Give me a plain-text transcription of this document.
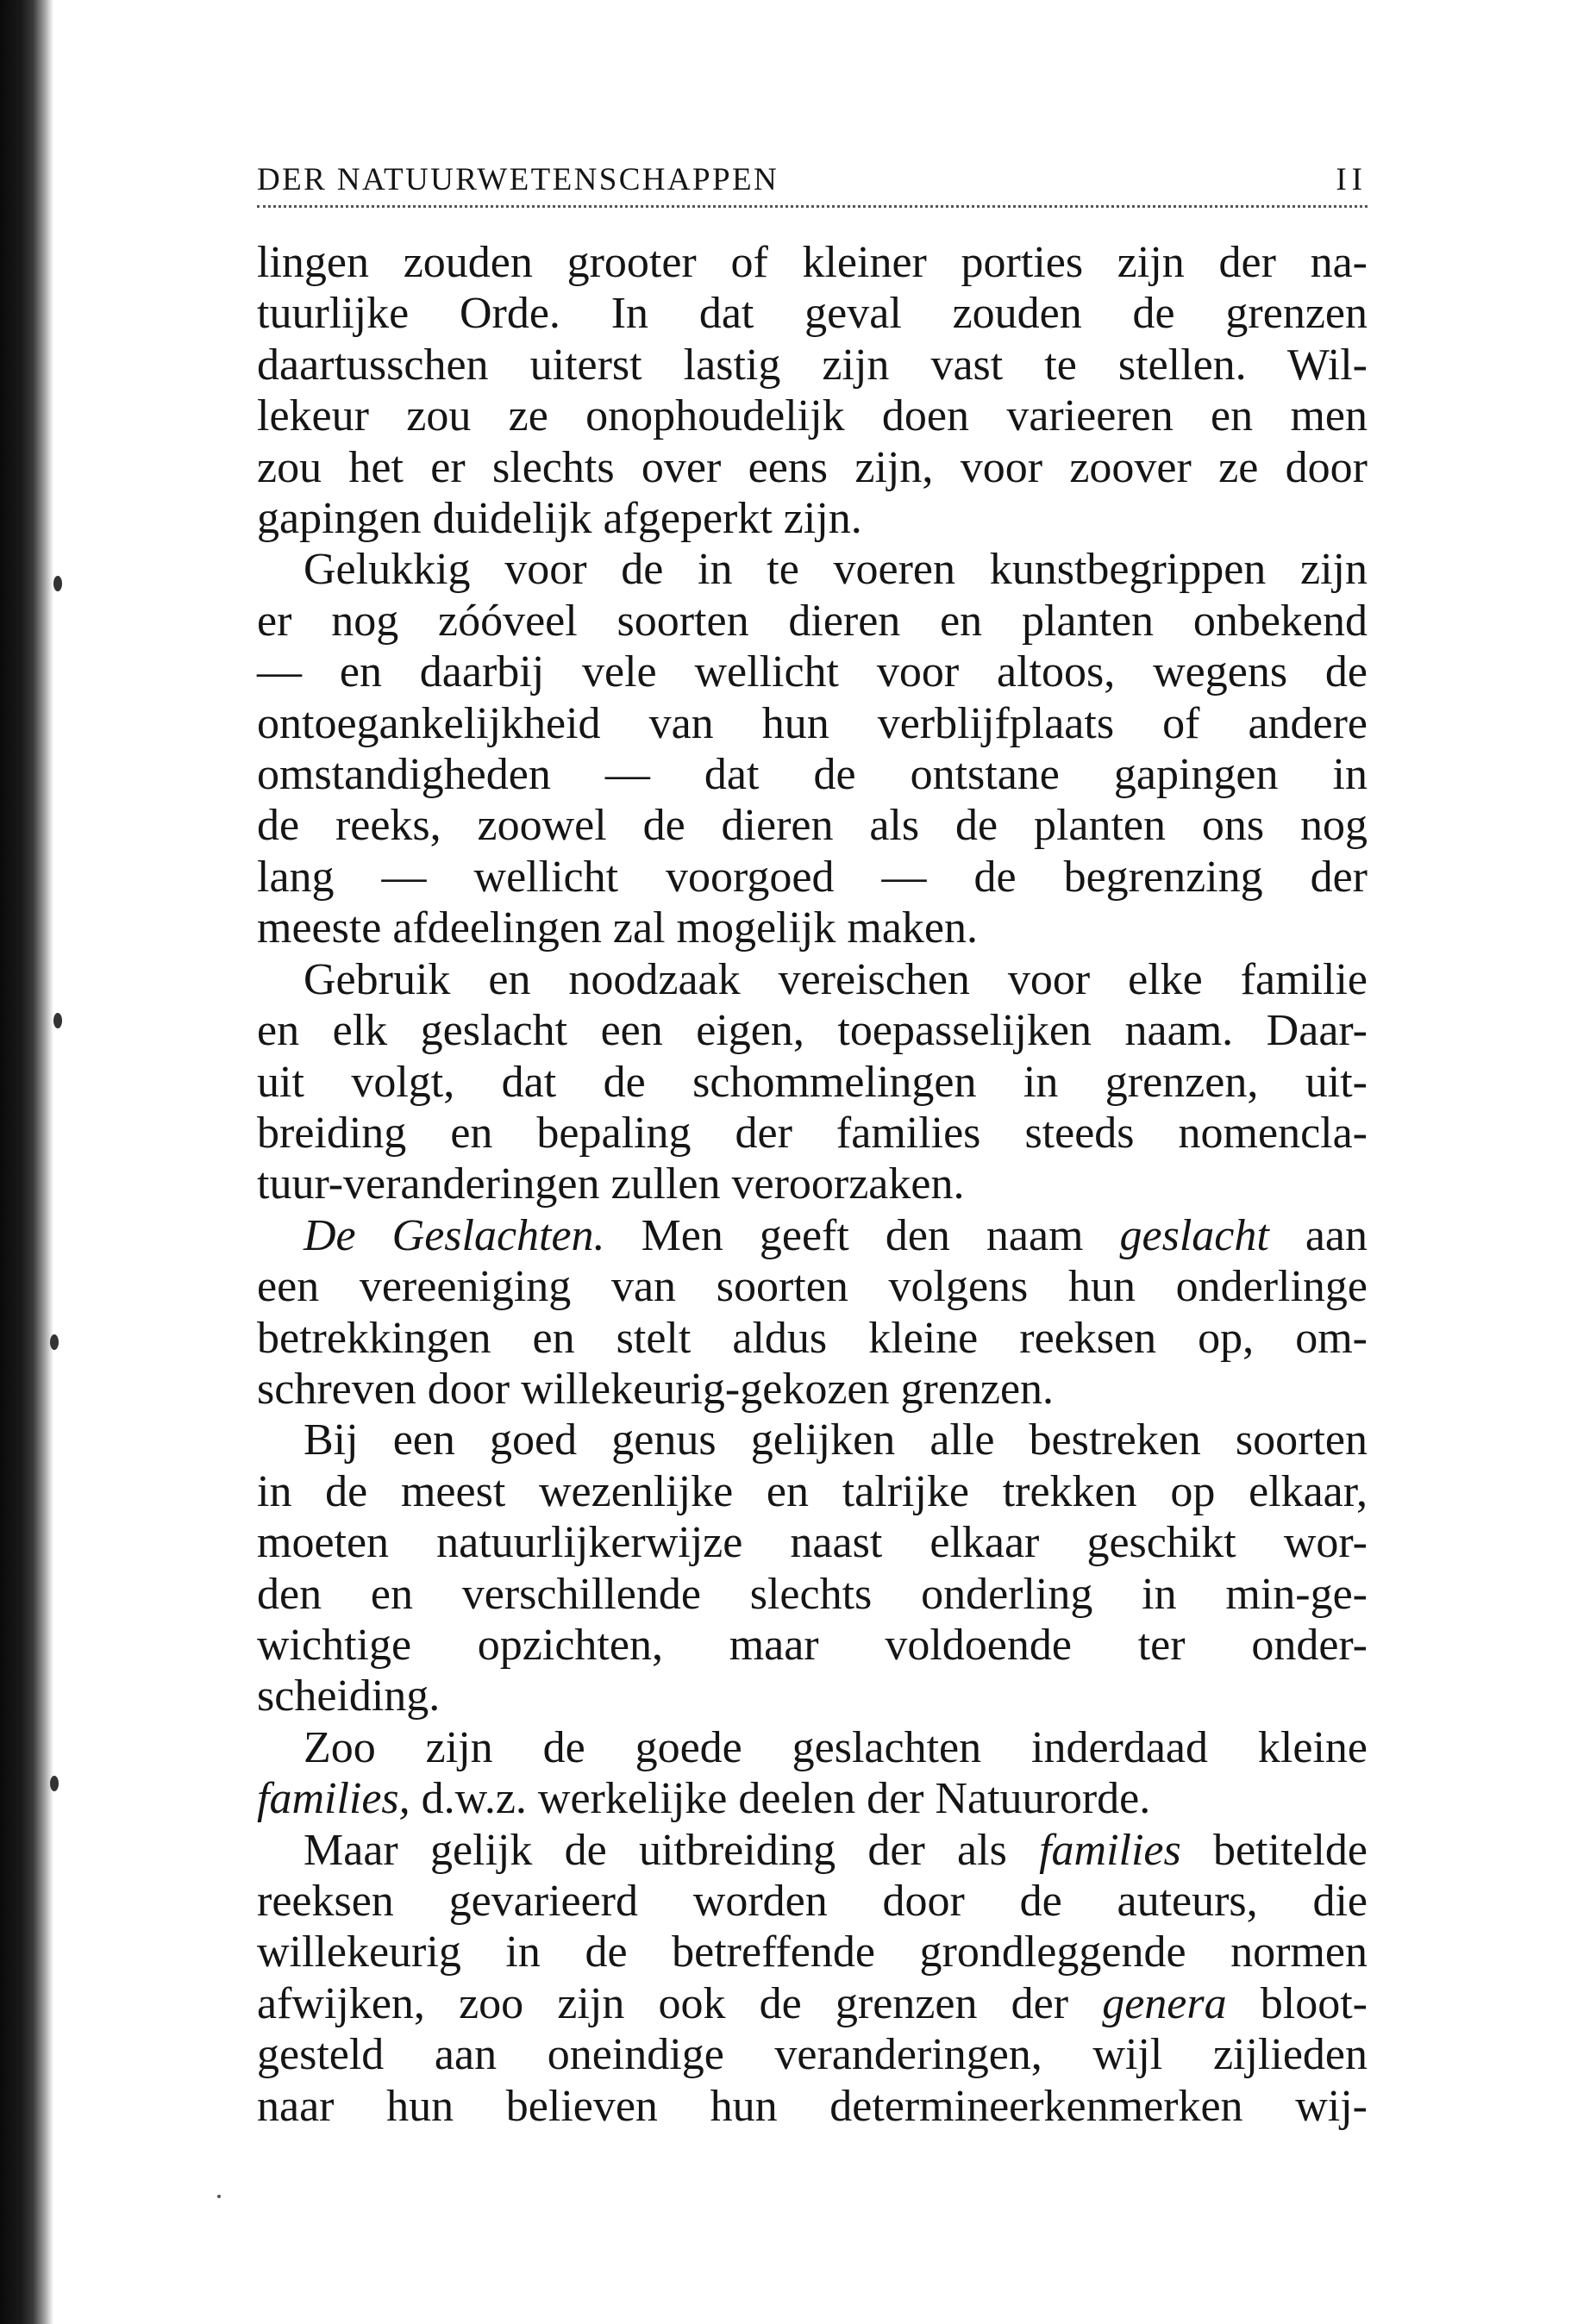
DER NATUURWETENSCHAPPEN	II

lingen zouden grooter of kleiner porties zijn der na-

tuurlijke Orde. In dat geval zouden de grenzen

daartusschen uiterst lastig zijn vast te stellen. Wil-

lekeur zou ze onophoudelijk doen varieeren en men

zou het er slechts over eens zijn, voor zoover ze door

gapingen duidelijk afgeperkt zijn.

Gelukkig voor de in te voeren kunstbegrippen zijn

er nog zóóveel soorten dieren en planten onbekend

— en daarbij vele wellicht voor altoos, wegens de

ontoegankelijkheid van hun verblijfplaats of andere

omstandigheden — dat de ontstane gapingen in

de reeks, zoowel de dieren als de planten ons nog

lang — wellicht voorgoed — de begrenzing der

meeste afdeelingen zal mogelijk maken.

Gebruik en noodzaak vereischen voor elke familie

en elk geslacht een eigen, toepasselijken naam. Daar-

uit volgt, dat de schommelingen in grenzen, uit-

breiding en bepaling der families steeds nomencla-

tuur-veranderingen zullen veroorzaken.

De Geslachten. Men geeft den naam geslacht aan

een vereeniging van soorten volgens hun onderlinge

betrekkingen en stelt aldus kleine reeksen op, om-

schreven door willekeurig-gekozen grenzen.

Bij een goed genus gelijken alle bestreken soorten

in de meest wezenlijke en talrijke trekken op elkaar,

moeten natuurlijkerwijze naast elkaar geschikt wor-

den en verschillende slechts onderling in min-ge-

wichtige opzichten, maar voldoende ter onder-

scheiding.

Zoo zijn de goede geslachten inderdaad kleine

families, d.w.z. werkelijke deelen der Natuurorde.

Maar gelijk de uitbreiding der als families betitelde

reeksen gevarieerd worden door de auteurs, die

willekeurig in de betreffende grondleggende normen

afwijken, zoo zijn ook de grenzen der genera bloot-

gesteld aan oneindige veranderingen, wijl zijlieden

naar hun believen hun determineerkenmerken wij-
